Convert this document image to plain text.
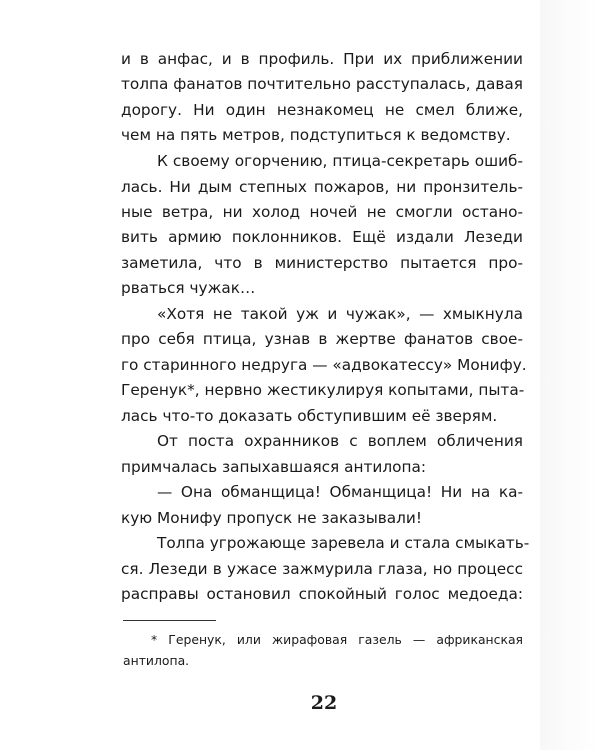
и в анфас, и в профиль. При их приближении
толпа фанатов почтительно расступалась, давая
дорогу. Ни один незнакомец не смел ближе,
чем на пять метров, подступиться к ведомству.
К своему огорчению, птица-секретарь ошиб-
лась. Ни дым степных пожаров, ни пронзитель-
ные ветра, ни холод ночей не смогли остано-
вить армию поклонников. Ещё издали Лезеди
заметила, что в министерство пытается про-
рваться чужак…
«Хотя не такой уж и чужак», — хмыкнула
про себя птица, узнав в жертве фанатов свое-
го старинного недруга — «адвокатессу» Монифу.
Геренук*, нервно жестикулируя копытами, пыта-
лась что-то доказать обступившим её зверям.
От поста охранников с воплем обличения
примчалась запыхавшаяся антилопа:
— Она обманщица! Обманщица! Ни на ка-
кую Монифу пропуск не заказывали!
Толпа угрожающе заревела и стала смыкать-
ся. Лезеди в ужасе зажмурила глаза, но процесс
расправы остановил спокойный голос медоеда:
* Геренук, или жирафовая газель — африканская
антилопа.
22
